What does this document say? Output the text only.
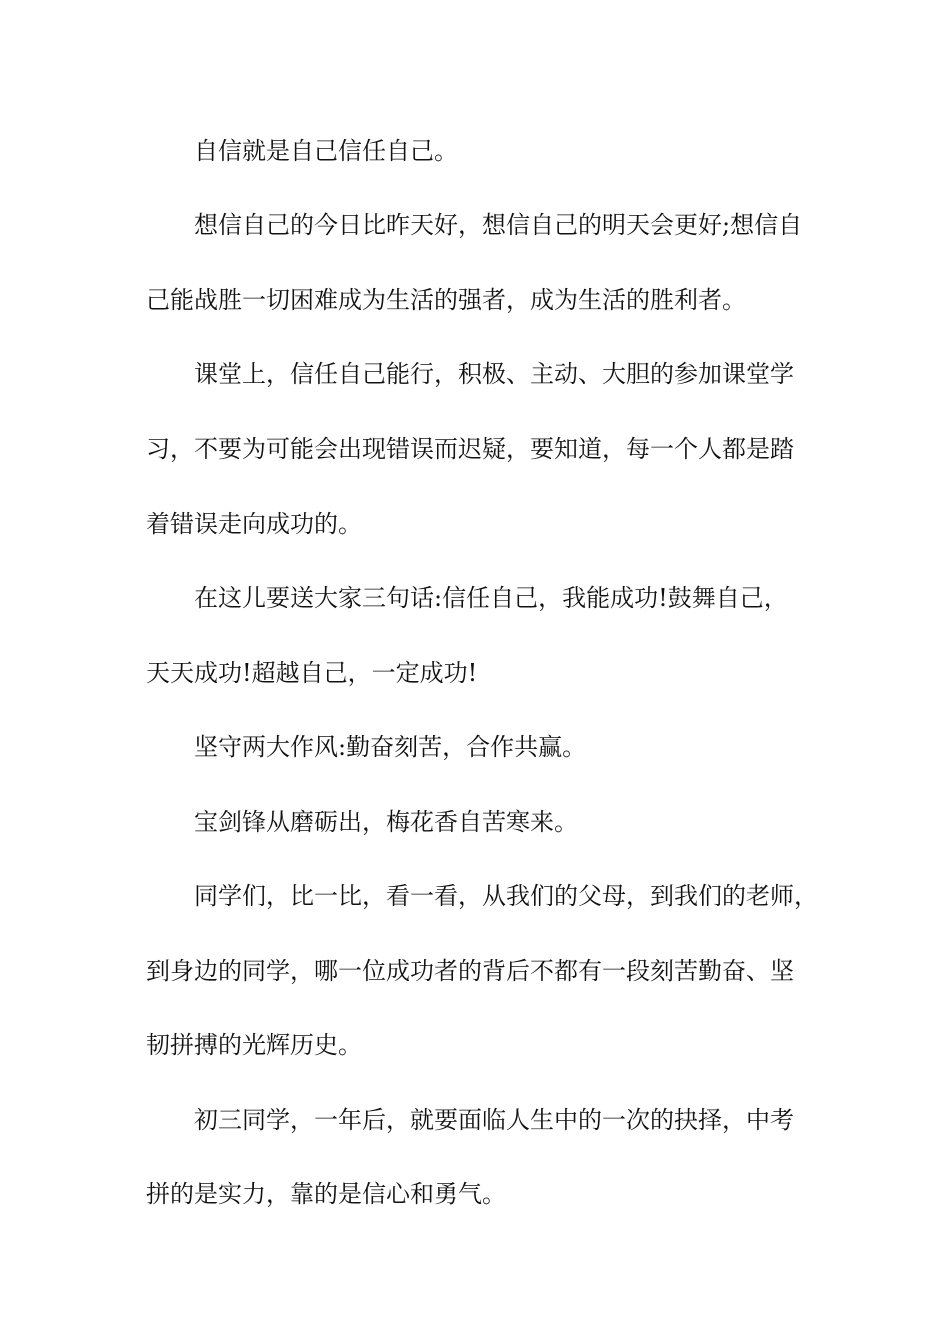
自信就是自己信任自己。
想信自己的今日比昨天好，想信自己的明天会更好;想信自
己能战胜一切困难成为生活的强者，成为生活的胜利者。
课堂上，信任自己能行，积极、主动、大胆的参加课堂学
习，不要为可能会出现错误而迟疑，要知道，每一个人都是踏
着错误走向成功的。
在这儿要送大家三句话:信任自己，我能成功!鼓舞自己，
天天成功!超越自己，一定成功!
坚守两大作风:勤奋刻苦，合作共赢。
宝剑锋从磨砺出，梅花香自苦寒来。
同学们，比一比，看一看，从我们的父母，到我们的老师，
到身边的同学，哪一位成功者的背后不都有一段刻苦勤奋、坚
韧拼搏的光辉历史。
初三同学，一年后，就要面临人生中的一次的抉择，中考
拼的是实力，靠的是信心和勇气。
